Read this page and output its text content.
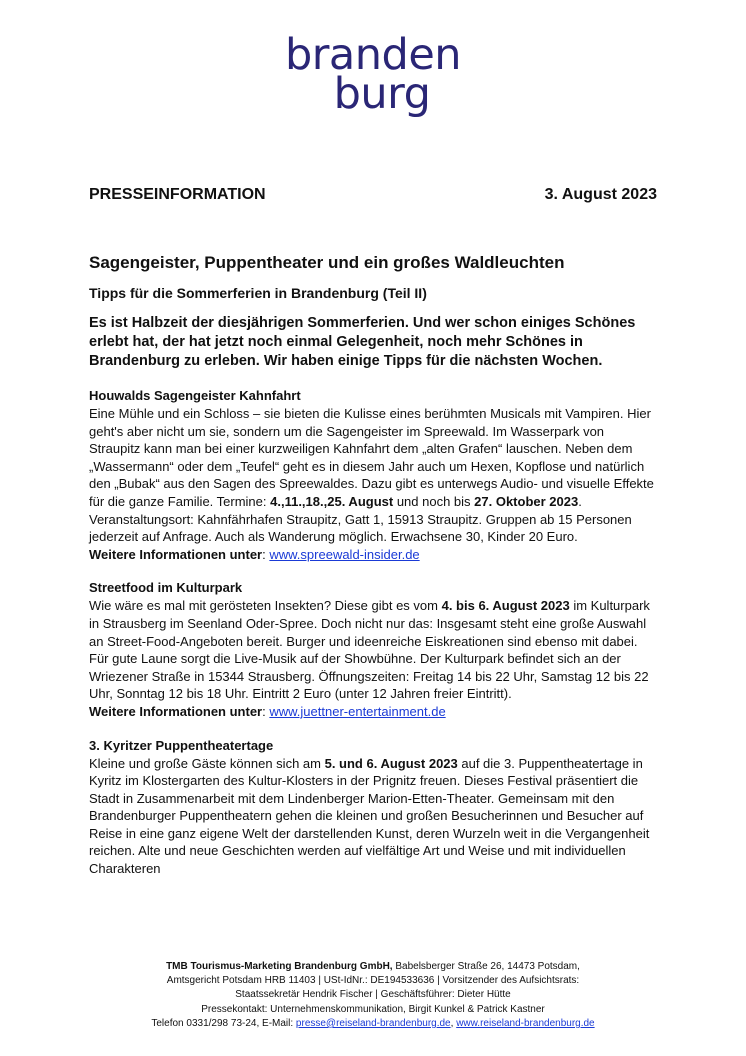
branden
burg
PRESSEINFORMATION	3. August 2023
Sagengeister, Puppentheater und ein großes Waldleuchten
Tipps für die Sommerferien in Brandenburg (Teil II)

Es ist Halbzeit der diesjährigen Sommerferien. Und wer schon einiges Schönes erlebt hat, der hat jetzt noch einmal Gelegenheit, noch mehr Schönes in Brandenburg zu erleben. Wir haben einige Tipps für die nächsten Wochen.

Houwalds Sagengeister Kahnfahrt

Eine Mühle und ein Schloss – sie bieten die Kulisse eines berühmten Musicals mit Vampiren. Hier geht's aber nicht um sie, sondern um die Sagengeister im Spreewald. Im Wasserpark von Straupitz kann man bei einer kurzweiligen Kahnfahrt dem „alten Grafen“ lauschen. Neben dem „Wassermann“ oder dem „Teufel“ geht es in diesem Jahr auch um Hexen, Kopflose und natürlich den „Bubak“ aus den Sagen des Spreewaldes. Dazu gibt es unterwegs Audio- und visuelle Effekte für die ganze Familie. Termine: 4.,11.,18.,25. August und noch bis 27. Oktober 2023. Veranstaltungsort: Kahnfährhafen Straupitz, Gatt 1, 15913 Straupitz. Gruppen ab 15 Personen jederzeit auf Anfrage. Auch als Wanderung möglich. Erwachsene 30, Kinder 20 Euro.

Weitere Informationen unter: www.spreewald-insider.de
Streetfood im Kulturpark

Wie wäre es mal mit gerösteten Insekten? Diese gibt es vom 4. bis 6. August 2023 im Kulturpark in Strausberg im Seenland Oder-Spree. Doch nicht nur das: Insgesamt steht eine große Auswahl an Street-Food-Angeboten bereit. Burger und ideenreiche Eiskreationen sind ebenso mit dabei. Für gute Laune sorgt die Live-Musik auf der Showbühne. Der Kulturpark befindet sich an der Wriezener Straße in 15344 Strausberg. Öffnungszeiten: Freitag 14 bis 22 Uhr, Samstag 12 bis 22 Uhr, Sonntag 12 bis 18 Uhr. Eintritt 2 Euro (unter 12 Jahren freier Eintritt).

Weitere Informationen unter: www.juettner-entertainment.de
3. Kyritzer Puppentheatertage

Kleine und große Gäste können sich am 5. und 6. August 2023 auf die 3. Puppentheatertage in Kyritz im Klostergarten des Kultur-Klosters in der Prignitz freuen. Dieses Festival präsentiert die Stadt in Zusammenarbeit mit dem Lindenberger Marion-Etten-Theater. Gemeinsam mit den Brandenburger Puppentheatern gehen die kleinen und großen Besucherinnen und Besucher auf Reise in eine ganz eigene Welt der darstellenden Kunst, deren Wurzeln weit in die Vergangenheit reichen. Alte und neue Geschichten werden auf vielfältige Art und Weise und mit individuellen Charakteren

TMB Tourismus-Marketing Brandenburg GmbH, Babelsberger Straße 26, 14473 Potsdam,
Amtsgericht Potsdam HRB 11403 | USt-IdNr.: DE194533636 | Vorsitzender des Aufsichtsrats:
Staatssekretär Hendrik Fischer | Geschäftsführer: Dieter Hütte
Pressekontakt: Unternehmenskommunikation, Birgit Kunkel & Patrick Kastner
Telefon 0331/298 73-24, E-Mail: presse@reiseland-brandenburg.de, www.reiseland-brandenburg.de
